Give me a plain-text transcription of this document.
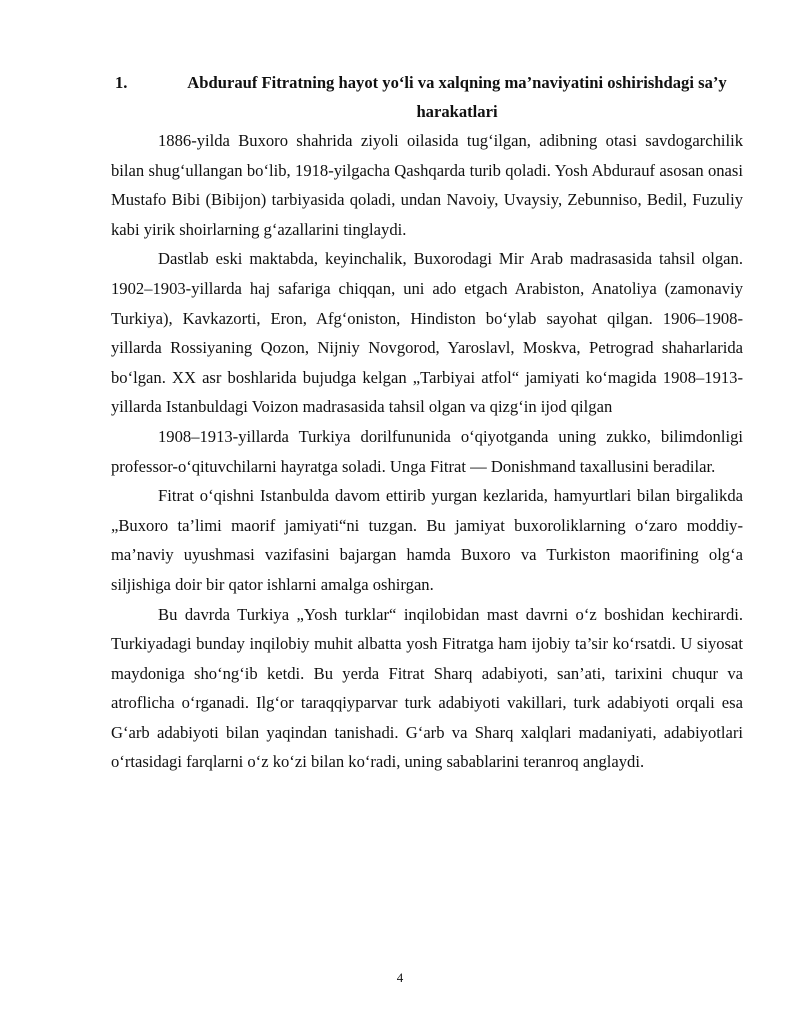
1.	Abdurauf Fitratning hayot yo‘li va xalqning ma’naviyatini oshirishdagi sa’y harakatlari

1886-yilda Buxoro shahrida ziyoli oilasida tug‘ilgan, adibning otasi savdogarchilik bilan shug‘ullangan bo‘lib, 1918-yilgacha Qashqarda turib qoladi. Yosh Abdurauf asosan onasi Mustafo Bibi (Bibijon) tarbiyasida qoladi, undan Navoiy, Uvaysiy, Zebunniso, Bedil, Fuzuliy kabi yirik shoirlarning g‘azallarini tinglaydi.

Dastlab eski maktabda, keyinchalik, Buxorodagi Mir Arab madrasasida tahsil olgan. 1902–1903-yillarda haj safariga chiqqan, uni ado etgach Arabiston, Anatoliya (zamonaviy Turkiya), Kavkazorti, Eron, Afg‘oniston, Hindiston bo‘ylab sayohat qilgan. 1906–1908-yillarda Rossiyaning Qozon, Nijniy Novgorod, Yaroslavl, Moskva, Petrograd shaharlarida bo‘lgan. XX asr boshlarida bujudga kelgan „Tarbiyai atfol“ jamiyati ko‘magida 1908–1913-yillarda Istanbuldagi Voizon madrasasida tahsil olgan va qizg‘in ijod qilgan

1908–1913-yillarda Turkiya dorilfununida o‘qiyotganda uning zukko, bilimdonligi professor-o‘qituvchilarni hayratga soladi. Unga Fitrat — Donishmand taxallusini beradilar.

Fitrat o‘qishni Istanbulda davom ettirib yurgan kezlarida, hamyurtlari bilan birgalikda „Buxoro ta’limi maorif jamiyati“ni tuzgan. Bu jamiyat buxoroliklarning o‘zaro moddiy-ma’naviy uyushmasi vazifasini bajargan hamda Buxoro va Turkiston maorifining olg‘a siljishiga doir bir qator ishlarni amalga oshirgan.

Bu davrda Turkiya „Yosh turklar“ inqilobidan mast davrni o‘z boshidan kechirardi. Turkiyadagi bunday inqilobiy muhit albatta yosh Fitratga ham ijobiy ta’sir ko‘rsatdi. U siyosat maydoniga sho‘ng‘ib ketdi. Bu yerda Fitrat Sharq adabiyoti, san’ati, tarixini chuqur va atroflicha o‘rganadi. Ilg‘or taraqqiyparvar turk adabiyoti vakillari, turk adabiyoti orqali esa G‘arb adabiyoti bilan yaqindan tanishadi. G‘arb va Sharq xalqlari madaniyati, adabiyotlari o‘rtasidagi farqlarni o‘z ko‘zi bilan ko‘radi, uning sabablarini teranroq anglaydi.

4
